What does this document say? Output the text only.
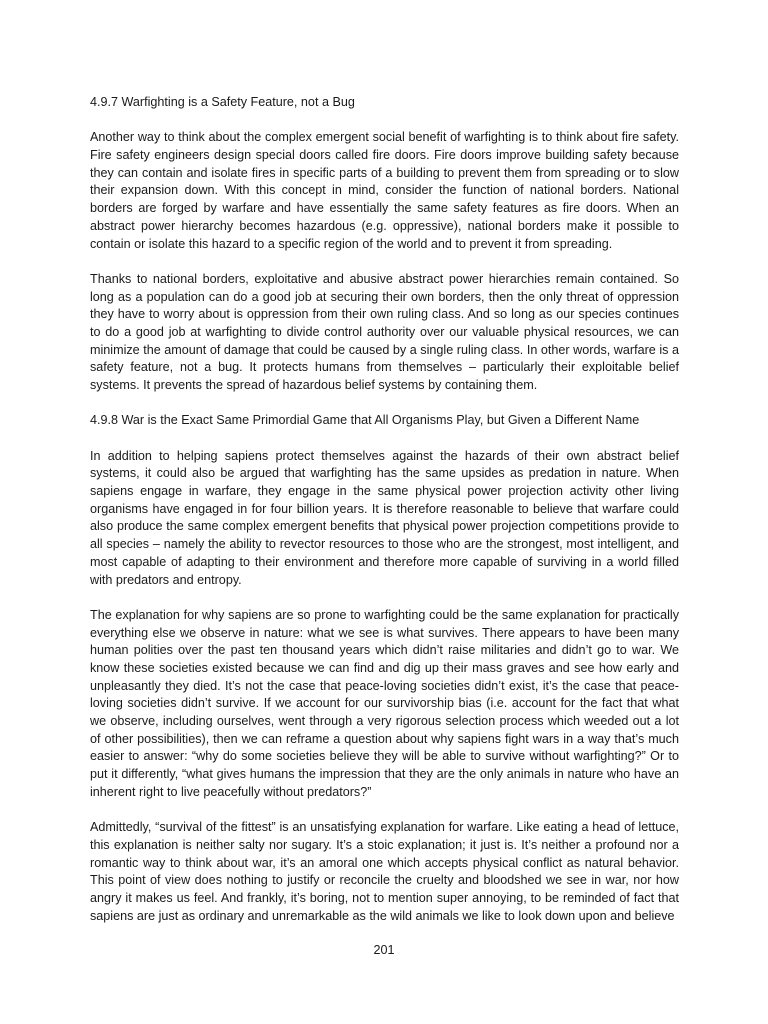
4.9.7 Warfighting is a Safety Feature, not a Bug

Another way to think about the complex emergent social benefit of warfighting is to think about fire safety. Fire safety engineers design special doors called fire doors. Fire doors improve building safety because they can contain and isolate fires in specific parts of a building to prevent them from spreading or to slow their expansion down. With this concept in mind, consider the function of national borders. National borders are forged by warfare and have essentially the same safety features as fire doors. When an abstract power hierarchy becomes hazardous (e.g. oppressive), national borders make it possible to contain or isolate this hazard to a specific region of the world and to prevent it from spreading.

Thanks to national borders, exploitative and abusive abstract power hierarchies remain contained. So long as a population can do a good job at securing their own borders, then the only threat of oppression they have to worry about is oppression from their own ruling class. And so long as our species continues to do a good job at warfighting to divide control authority over our valuable physical resources, we can minimize the amount of damage that could be caused by a single ruling class. In other words, warfare is a safety feature, not a bug. It protects humans from themselves – particularly their exploitable belief systems. It prevents the spread of hazardous belief systems by containing them.

4.9.8 War is the Exact Same Primordial Game that All Organisms Play, but Given a Different Name

In addition to helping sapiens protect themselves against the hazards of their own abstract belief systems, it could also be argued that warfighting has the same upsides as predation in nature. When sapiens engage in warfare, they engage in the same physical power projection activity other living organisms have engaged in for four billion years. It is therefore reasonable to believe that warfare could also produce the same complex emergent benefits that physical power projection competitions provide to all species – namely the ability to revector resources to those who are the strongest, most intelligent, and most capable of adapting to their environment and therefore more capable of surviving in a world filled with predators and entropy.

The explanation for why sapiens are so prone to warfighting could be the same explanation for practically everything else we observe in nature: what we see is what survives. There appears to have been many human polities over the past ten thousand years which didn’t raise militaries and didn’t go to war. We know these societies existed because we can find and dig up their mass graves and see how early and unpleasantly they died. It’s not the case that peace-loving societies didn’t exist, it’s the case that peace-loving societies didn’t survive. If we account for our survivorship bias (i.e. account for the fact that what we observe, including ourselves, went through a very rigorous selection process which weeded out a lot of other possibilities), then we can reframe a question about why sapiens fight wars in a way that’s much easier to answer: “why do some societies believe they will be able to survive without warfighting?” Or to put it differently, “what gives humans the impression that they are the only animals in nature who have an inherent right to live peacefully without predators?”

Admittedly, “survival of the fittest” is an unsatisfying explanation for warfare. Like eating a head of lettuce, this explanation is neither salty nor sugary. It’s a stoic explanation; it just is. It’s neither a profound nor a romantic way to think about war, it’s an amoral one which accepts physical conflict as natural behavior. This point of view does nothing to justify or reconcile the cruelty and bloodshed we see in war, nor how angry it makes us feel. And frankly, it’s boring, not to mention super annoying, to be reminded of fact that sapiens are just as ordinary and unremarkable as the wild animals we like to look down upon and believe

201
